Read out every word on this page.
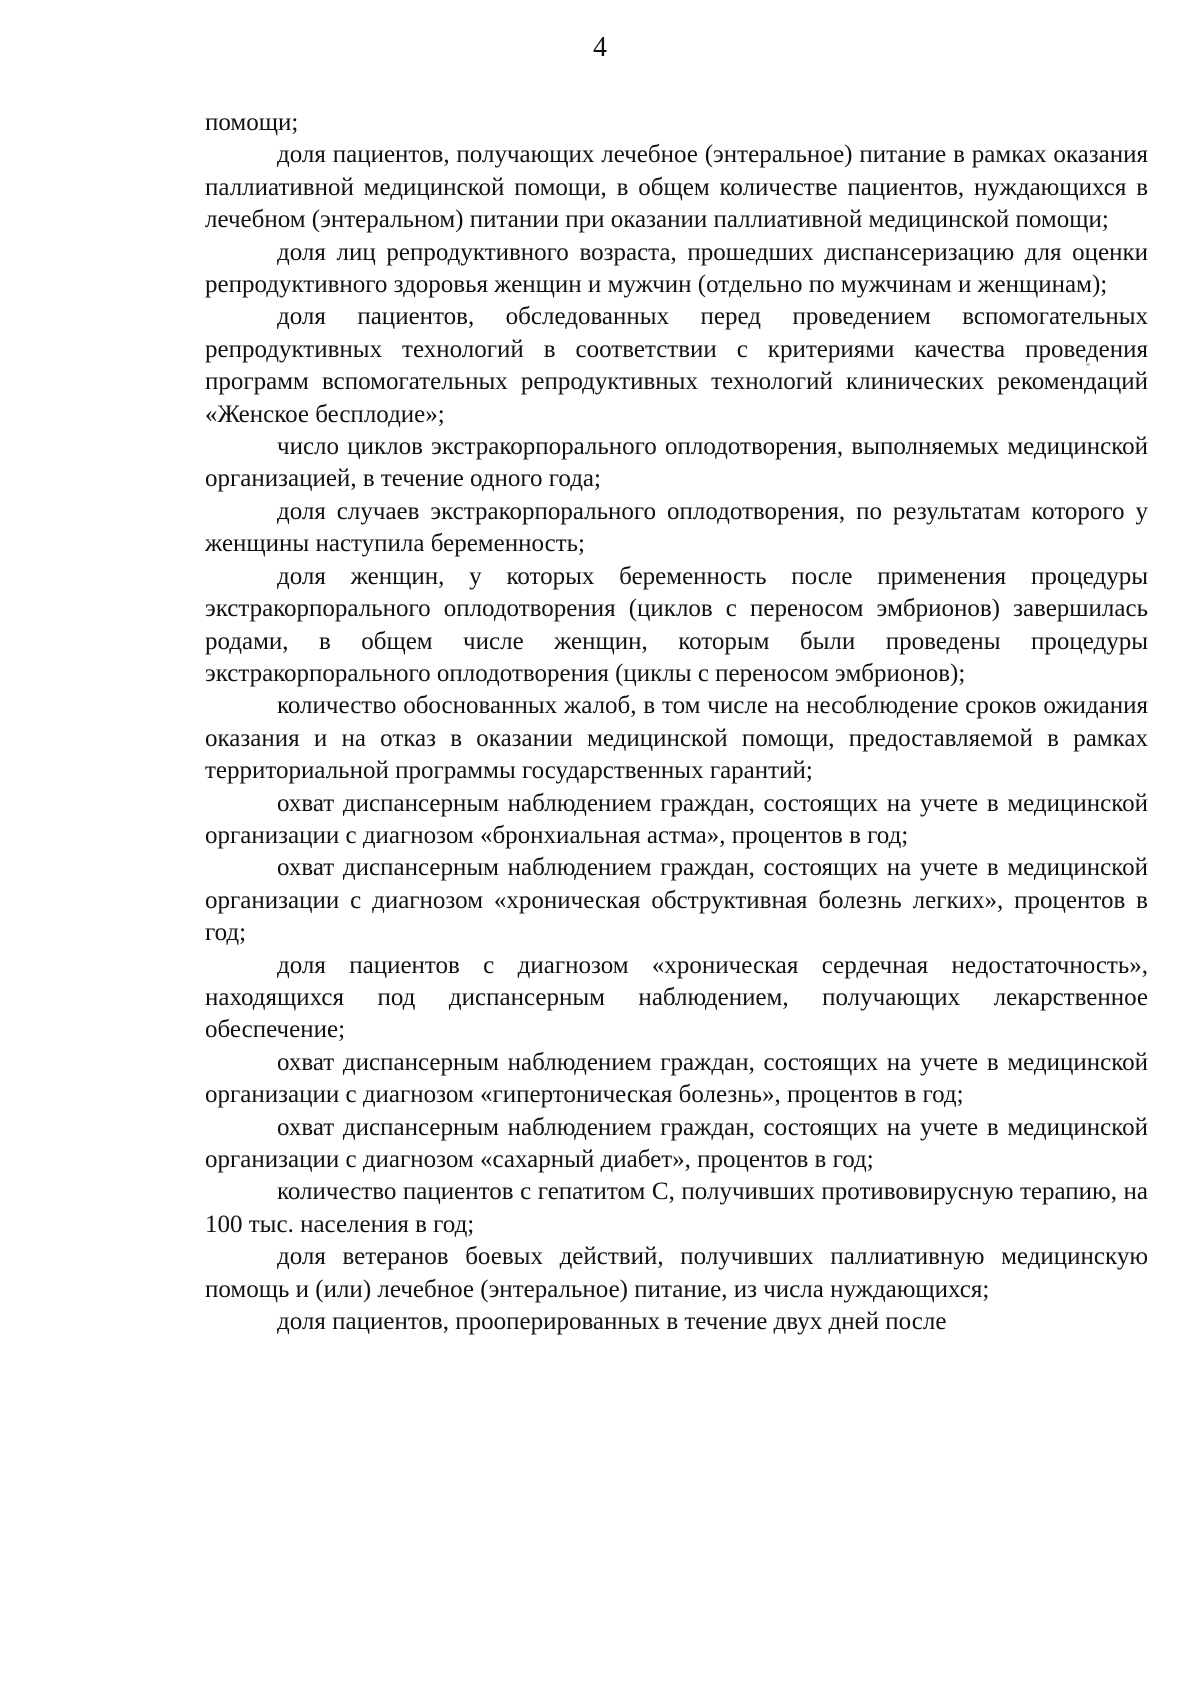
4

помощи;

доля пациентов, получающих лечебное (энтеральное) питание в рамках оказания паллиативной медицинской помощи, в общем количестве пациентов, нуждающихся в лечебном (энтеральном) питании при оказании паллиативной медицинской помощи;

доля лиц репродуктивного возраста, прошедших диспансеризацию для оценки репродуктивного здоровья женщин и мужчин (отдельно по мужчинам и женщинам);

доля пациентов, обследованных перед проведением вспомогательных репродуктивных технологий в соответствии с критериями качества проведения программ вспомогательных репродуктивных технологий клинических рекомендаций «Женское бесплодие»;

число циклов экстракорпорального оплодотворения, выполняемых медицинской организацией, в течение одного года;

доля случаев экстракорпорального оплодотворения, по результатам которого у женщины наступила беременность;

доля женщин, у которых беременность после применения процедуры экстракорпорального оплодотворения (циклов с переносом эмбрионов) завершилась родами, в общем числе женщин, которым были проведены процедуры экстракорпорального оплодотворения (циклы с переносом эмбрионов);

количество обоснованных жалоб, в том числе на несоблюдение сроков ожидания оказания и на отказ в оказании медицинской помощи, предоставляемой в рамках территориальной программы государственных гарантий;

охват диспансерным наблюдением граждан, состоящих на учете в медицинской организации с диагнозом «бронхиальная астма», процентов в год;

охват диспансерным наблюдением граждан, состоящих на учете в медицинской организации с диагнозом «хроническая обструктивная болезнь легких», процентов в год;

доля пациентов с диагнозом «хроническая сердечная недостаточность», находящихся под диспансерным наблюдением, получающих лекарственное обеспечение;

охват диспансерным наблюдением граждан, состоящих на учете в медицинской организации с диагнозом «гипертоническая болезнь», процентов в год;

охват диспансерным наблюдением граждан, состоящих на учете в медицинской организации с диагнозом «сахарный диабет», процентов в год;

количество пациентов с гепатитом С, получивших противовирусную терапию, на 100 тыс. населения в год;

доля ветеранов боевых действий, получивших паллиативную медицинскую помощь и (или) лечебное (энтеральное) питание, из числа нуждающихся;

доля пациентов, прооперированных в течение двух дней после
